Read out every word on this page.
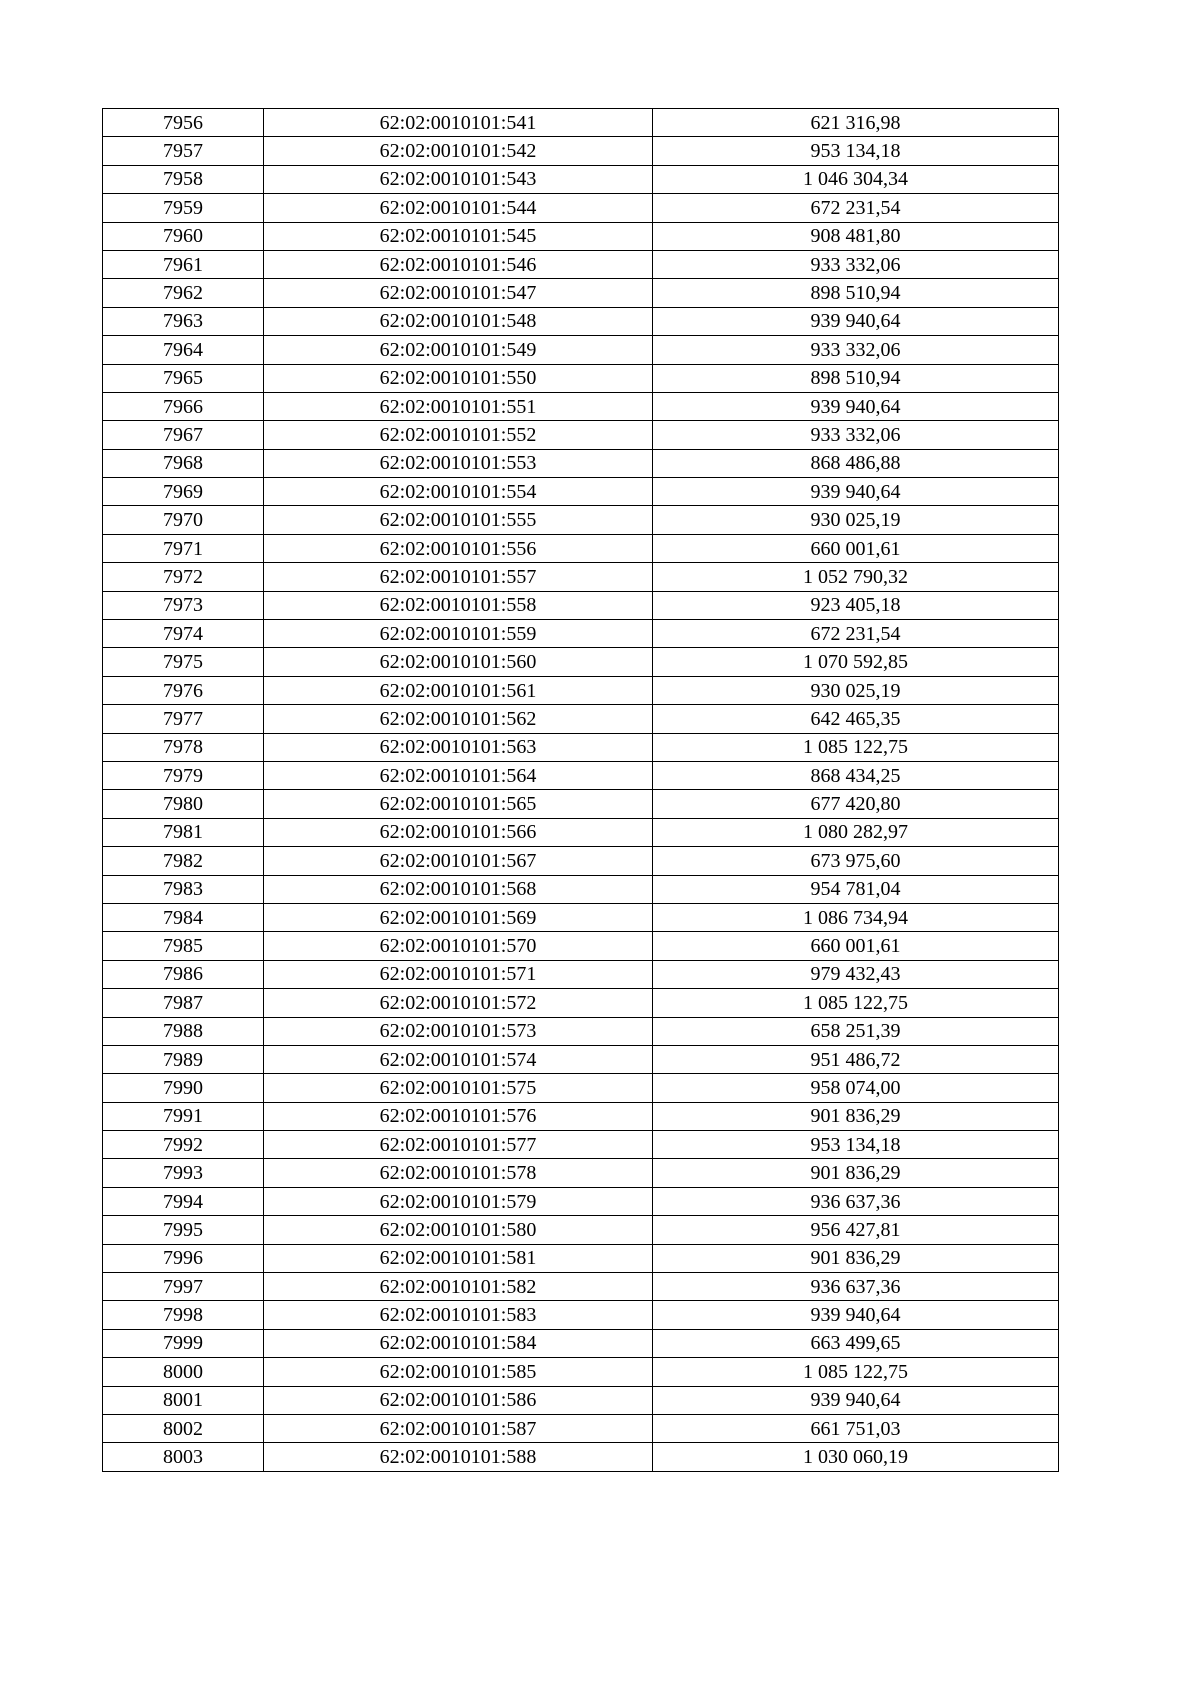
7956	62:02:0010101:541	621 316,98
7957	62:02:0010101:542	953 134,18
7958	62:02:0010101:543	1 046 304,34
7959	62:02:0010101:544	672 231,54
7960	62:02:0010101:545	908 481,80
7961	62:02:0010101:546	933 332,06
7962	62:02:0010101:547	898 510,94
7963	62:02:0010101:548	939 940,64
7964	62:02:0010101:549	933 332,06
7965	62:02:0010101:550	898 510,94
7966	62:02:0010101:551	939 940,64
7967	62:02:0010101:552	933 332,06
7968	62:02:0010101:553	868 486,88
7969	62:02:0010101:554	939 940,64
7970	62:02:0010101:555	930 025,19
7971	62:02:0010101:556	660 001,61
7972	62:02:0010101:557	1 052 790,32
7973	62:02:0010101:558	923 405,18
7974	62:02:0010101:559	672 231,54
7975	62:02:0010101:560	1 070 592,85
7976	62:02:0010101:561	930 025,19
7977	62:02:0010101:562	642 465,35
7978	62:02:0010101:563	1 085 122,75
7979	62:02:0010101:564	868 434,25
7980	62:02:0010101:565	677 420,80
7981	62:02:0010101:566	1 080 282,97
7982	62:02:0010101:567	673 975,60
7983	62:02:0010101:568	954 781,04
7984	62:02:0010101:569	1 086 734,94
7985	62:02:0010101:570	660 001,61
7986	62:02:0010101:571	979 432,43
7987	62:02:0010101:572	1 085 122,75
7988	62:02:0010101:573	658 251,39
7989	62:02:0010101:574	951 486,72
7990	62:02:0010101:575	958 074,00
7991	62:02:0010101:576	901 836,29
7992	62:02:0010101:577	953 134,18
7993	62:02:0010101:578	901 836,29
7994	62:02:0010101:579	936 637,36
7995	62:02:0010101:580	956 427,81
7996	62:02:0010101:581	901 836,29
7997	62:02:0010101:582	936 637,36
7998	62:02:0010101:583	939 940,64
7999	62:02:0010101:584	663 499,65
8000	62:02:0010101:585	1 085 122,75
8001	62:02:0010101:586	939 940,64
8002	62:02:0010101:587	661 751,03
8003	62:02:0010101:588	1 030 060,19
